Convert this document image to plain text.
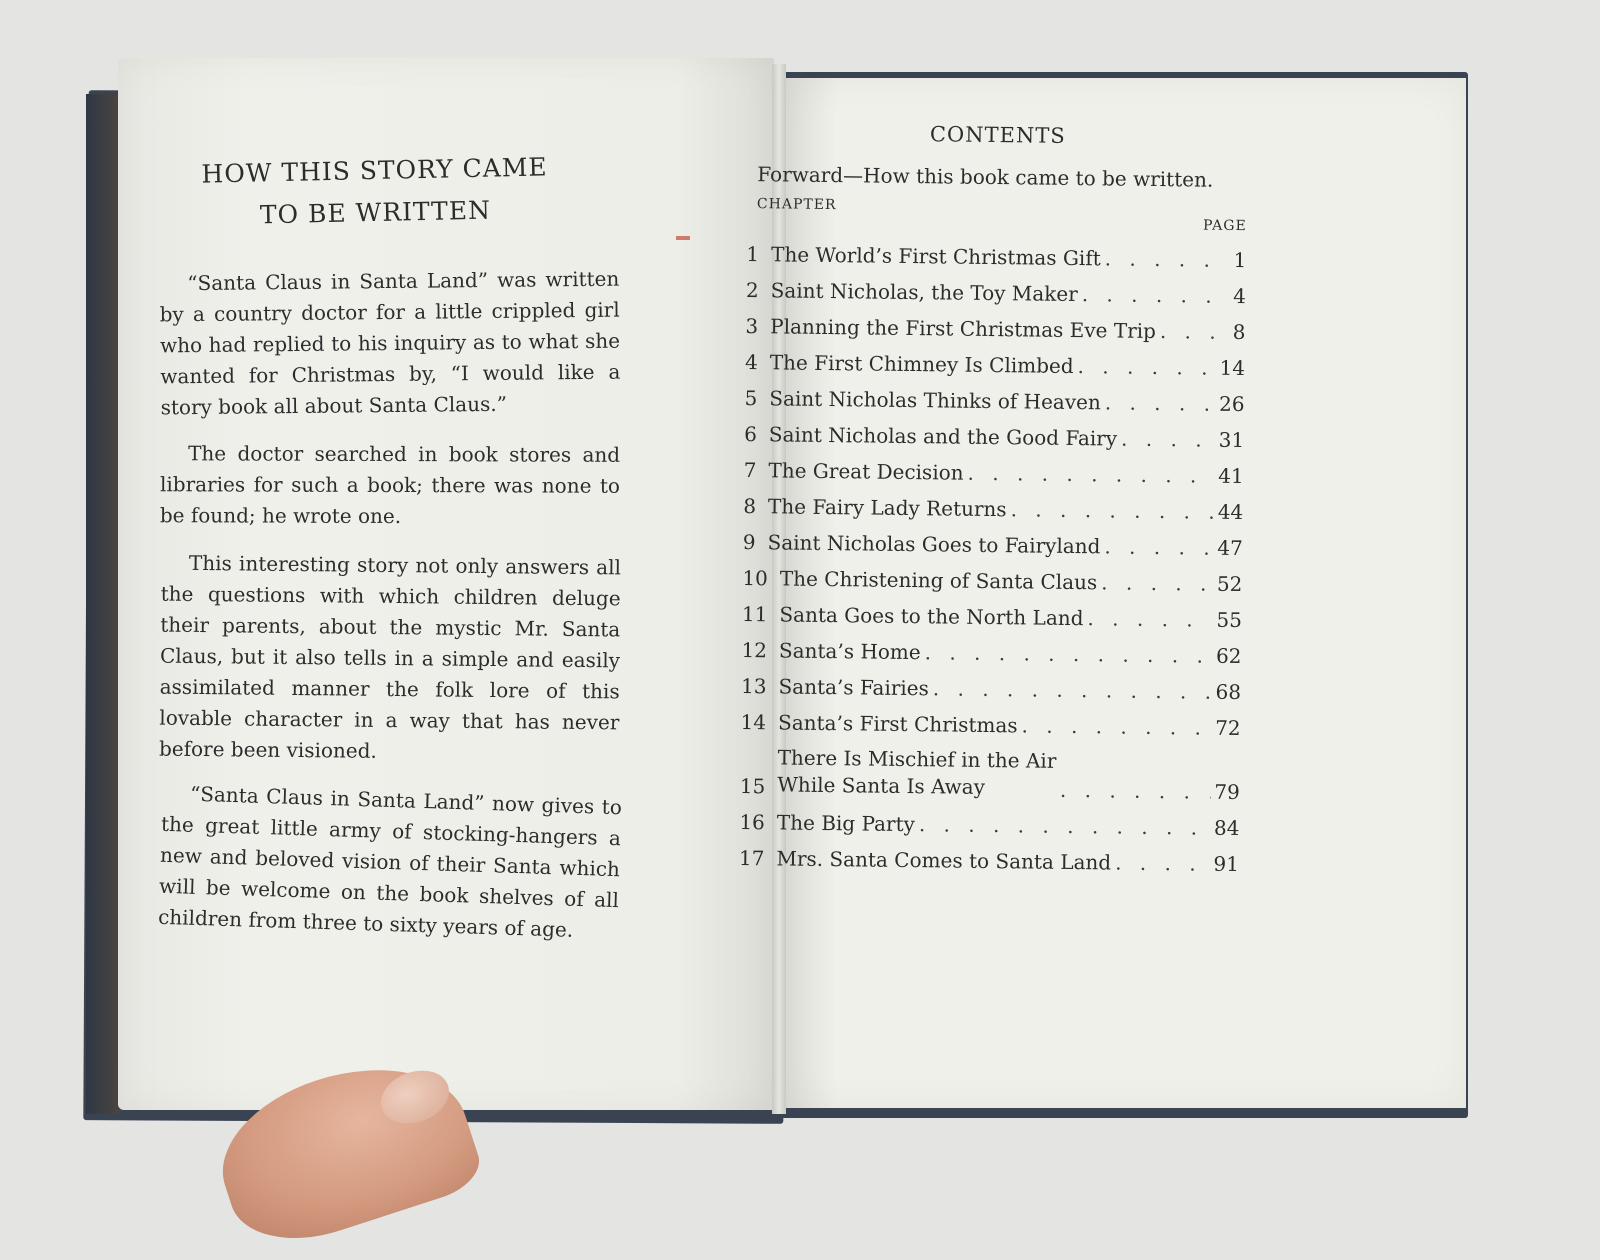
HOW THIS STORY CAME
TO BE WRITTEN

“Santa Claus in Santa Land” was written by a country doctor for a little crippled girl who had replied to his inquiry as to what she wanted for Christmas by, “I would like a story book all about Santa Claus.”

The doctor searched in book stores and libraries for such a book; there was none to be found; he wrote one.

This interesting story not only answers all the questions with which children deluge their parents, about the mystic Mr. Santa Claus, but it also tells in a simple and easily assimilated manner the folk lore of this lovable character in a way that has never before been visioned.

“Santa Claus in Santa Land” now gives to the great little army of stocking-hangers a new and beloved vision of their Santa which will be welcome on the book shelves of all children from three to sixty years of age.

CONTENTS
Forward—How this book came to be written.
CHAPTER
PAGE
1 The World’s First Christmas Gift . . .	1
2 Saint Nicholas, the Toy Maker . . .	4
3 Planning the First Christmas Eve Trip . . .	8
4 The First Chimney Is Climbed . . .	14
5 Saint Nicholas Thinks of Heaven . . .	26
6 Saint Nicholas and the Good Fairy . . .	31
7 The Great Decision . . .	41
8 The Fairy Lady Returns . . .	44
9 Saint Nicholas Goes to Fairyland . . .	47
10 The Christening of Santa Claus . . .	52
11 Santa Goes to the North Land . . .	55
12 Santa’s Home . . .	62
13 Santa’s Fairies . . .	68
14 Santa’s First Christmas . . .	72
15
There Is Mischief in the Air
While Santa Is Away . . .	79
16 The Big Party . . .	84
17 Mrs. Santa Comes to Santa Land . . .	91
